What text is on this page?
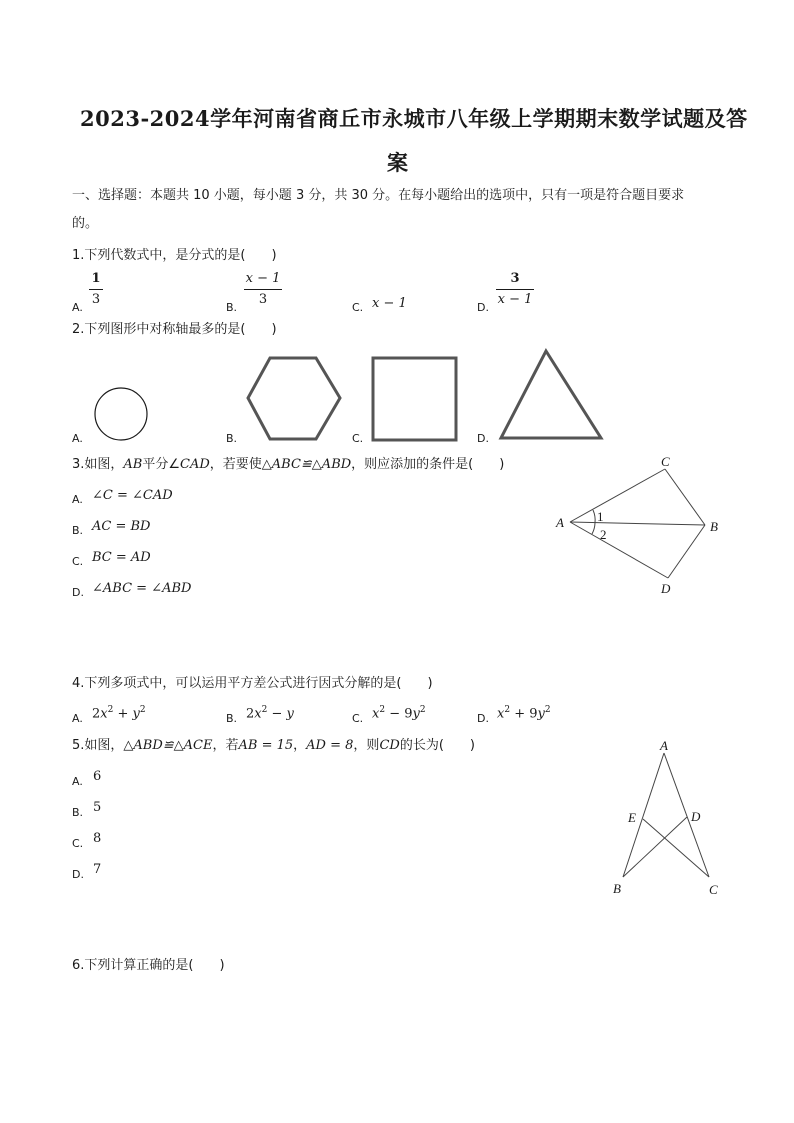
2023-2024学年河南省商丘市永城市八年级上学期期末数学试题及答
案
一、选择题：本题共 10 小题，每小题 3 分，共 30 分。在每小题给出的选项中，只有一项是符合题目要求
的。
1.下列代数式中，是分式的是(　　)
A.
1
3
B.
x − 1
3
C. x − 1	D.
3
x − 1
2.下列图形中对称轴最多的是(　　)
A.	B.	C.	D.
3.如图，AB平分∠CAD，若要使△ABC≌△ABD，则应添加的条件是(　　)
A. ∠C = ∠CAD
B. AC = BD
C. BC = AD
D. ∠ABC = ∠ABD
A	B
C
D
1
2
4.下列多项式中，可以运用平方差公式进行因式分解的是(　　)
A. $2x^2 + y^2$
B. $2x^2 - y$	C. $x^2 - 9y^2$
D. $x^2 + 9y^2$
5.如图，△ABD≌△ACE，若AB = 15，AD = 8，则CD的长为(　　)
A. 6
B. 5
C. 8
D. 7
A
B	C
D
E
6.下列计算正确的是(　　)
